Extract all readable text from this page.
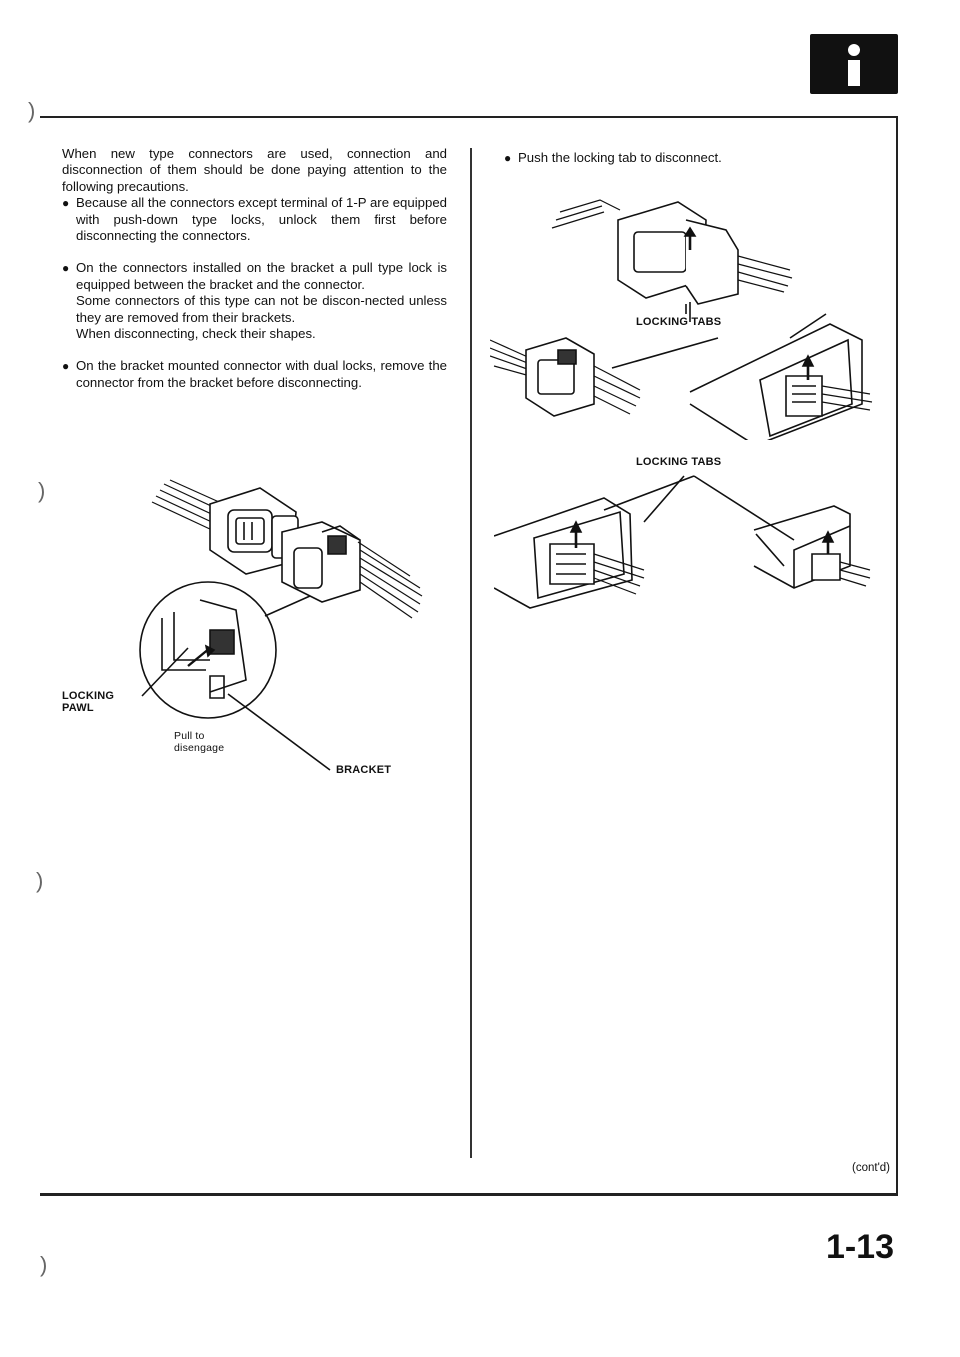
)
)
)
)

When new type connectors are used, connection and disconnection of them should be done paying attention to the following precautions.

● Because all the connectors except terminal of 1-P are equipped with push-down type locks, unlock them first before disconnecting the connectors.
● On the connectors installed on the bracket a pull type lock is equipped between the bracket and the connector.
Some connectors of this type can not be discon-nected unless they are removed from their brackets.
When disconnecting, check their shapes.
● On the bracket mounted connector with dual locks, remove the connector from the bracket before disconnecting.
LOCKING
PAWL
Pull to
disengage
BRACKET
● Push the locking tab to disconnect.
LOCKING TABS
LOCKING TABS
(cont'd)
1-13
